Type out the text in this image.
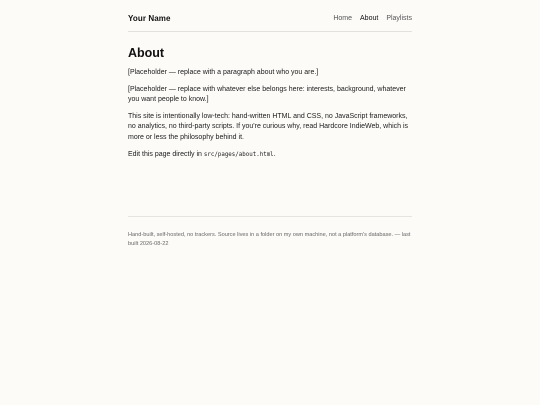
Your Name	Home About Playlists
About

[Placeholder — replace with a paragraph about who you are.]

[Placeholder — replace with whatever else belongs here: interests, background, whatever you want people to know.]

This site is intentionally low-tech: hand-written HTML and CSS, no JavaScript frameworks, no analytics, no third-party scripts. If you're curious why, read Hardcore IndieWeb, which is more or less the philosophy behind it.

Edit this page directly in src/pages/about.html.

Hand-built, self-hosted, no trackers. Source lives in a folder on my own machine, not a platform's database. — last built 2026-08-22
